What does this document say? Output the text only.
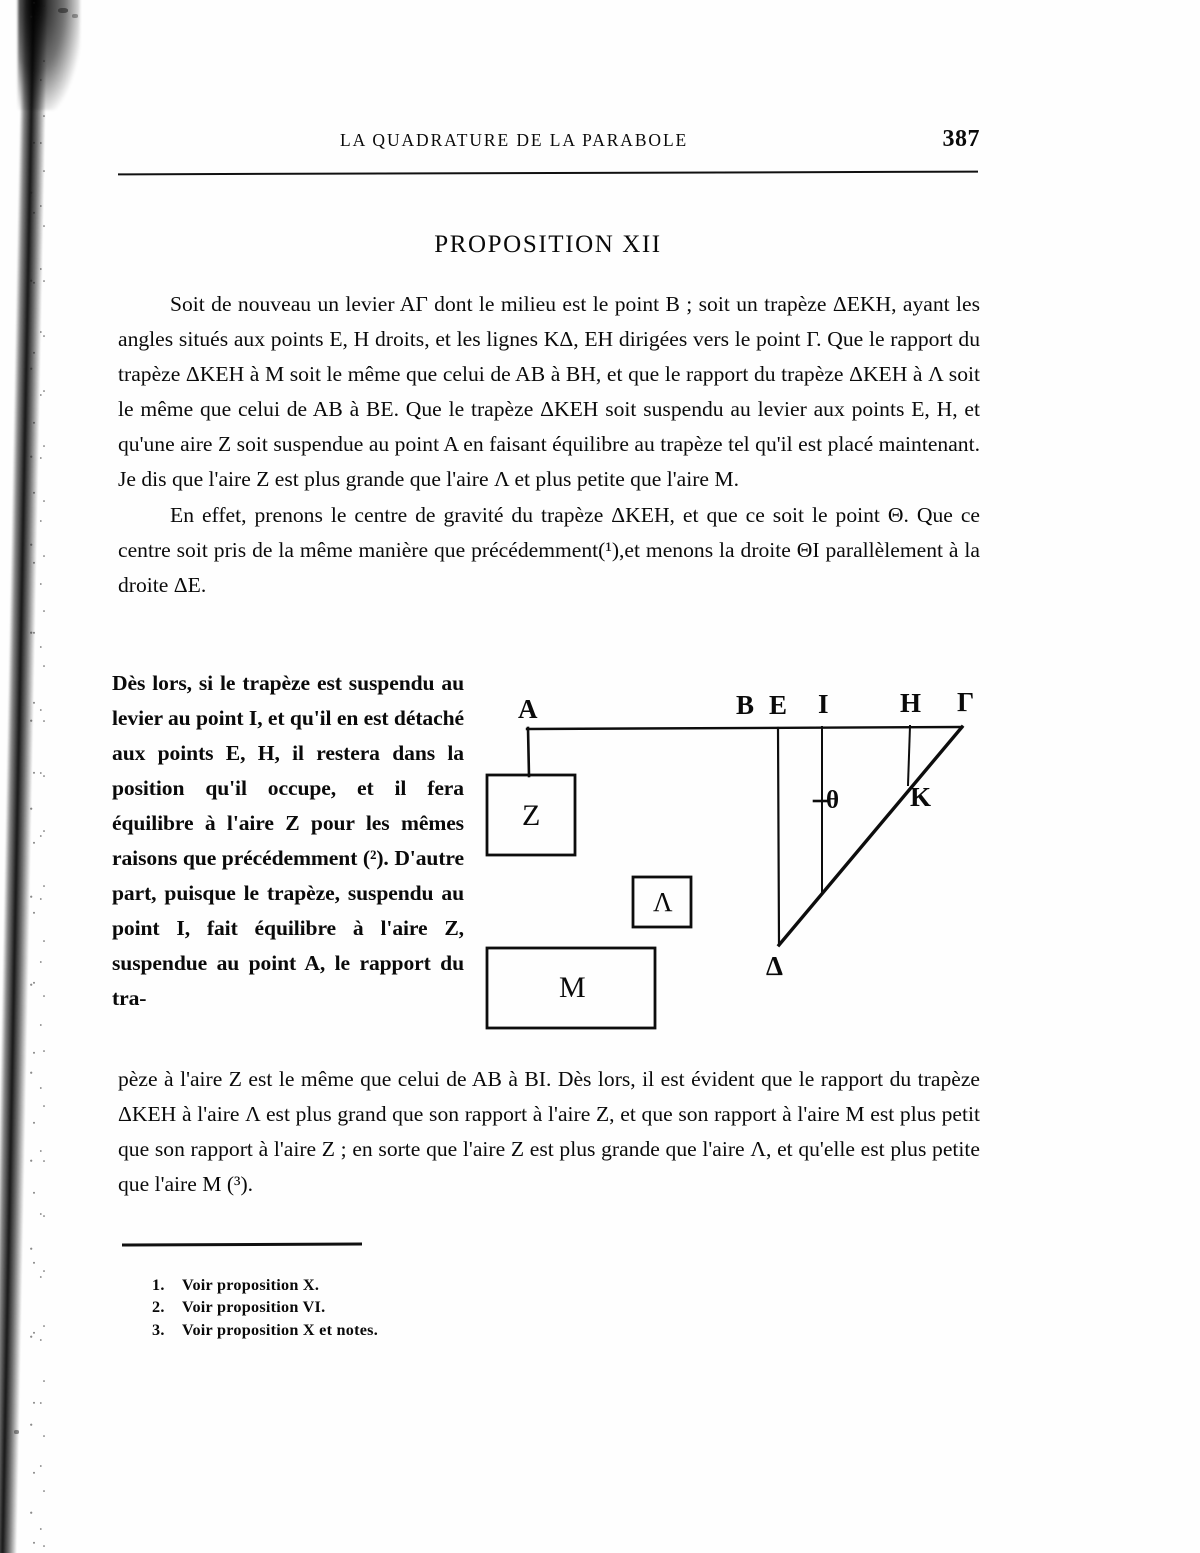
LA QUADRATURE DE LA PARABOLE	387
PROPOSITION XII

Soit de nouveau un levier AΓ dont le milieu est le point B ; soit un trapèze ΔEKH, ayant les angles situés aux points E, H droits, et les lignes KΔ, EH dirigées vers le point Γ. Que le rapport du trapèze ΔKEH à M soit le même que celui de AB à BH, et que le rapport du trapèze ΔKEH à Λ soit le même que celui de AB à BE. Que le trapèze ΔKEH soit suspendu au levier aux points E, H, et qu'une aire Z soit suspendue au point A en faisant équilibre au trapèze tel qu'il est placé maintenant. Je dis que l'aire Z est plus grande que l'aire Λ et plus petite que l'aire M.

En effet, prenons le centre de gravité du trapèze ΔKEH, et que ce soit le point Θ. Que ce centre soit pris de la même manière que précédemment(¹),et menons la droite ΘI parallèlement à la droite ΔE.

Dès lors, si le trapèze est suspendu au levier au point I, et qu'il en est détaché aux points E, H, il restera dans la position qu'il occupe, et il fera équilibre à l'aire Z pour les mêmes raisons que précédemment (²). D'autre part, puisque le trapèze, suspendu au point I, fait équilibre à l'aire Z, suspendue au point A, le rapport du tra-

A	B E I	H Γ
θ	K
Δ
Z
Λ
M

pèze à l'aire Z est le même que celui de AB à BI. Dès lors, il est évident que le rapport du trapèze ΔKEH à l'aire Λ est plus grand que son rapport à l'aire Z, et que son rapport à l'aire M est plus petit que son rapport à l'aire Z ; en sorte que l'aire Z est plus grande que l'aire Λ, et qu'elle est plus petite que l'aire M (³).

1.	Voir proposition X.
2.	Voir proposition VI.
3.	Voir proposition X et notes.
